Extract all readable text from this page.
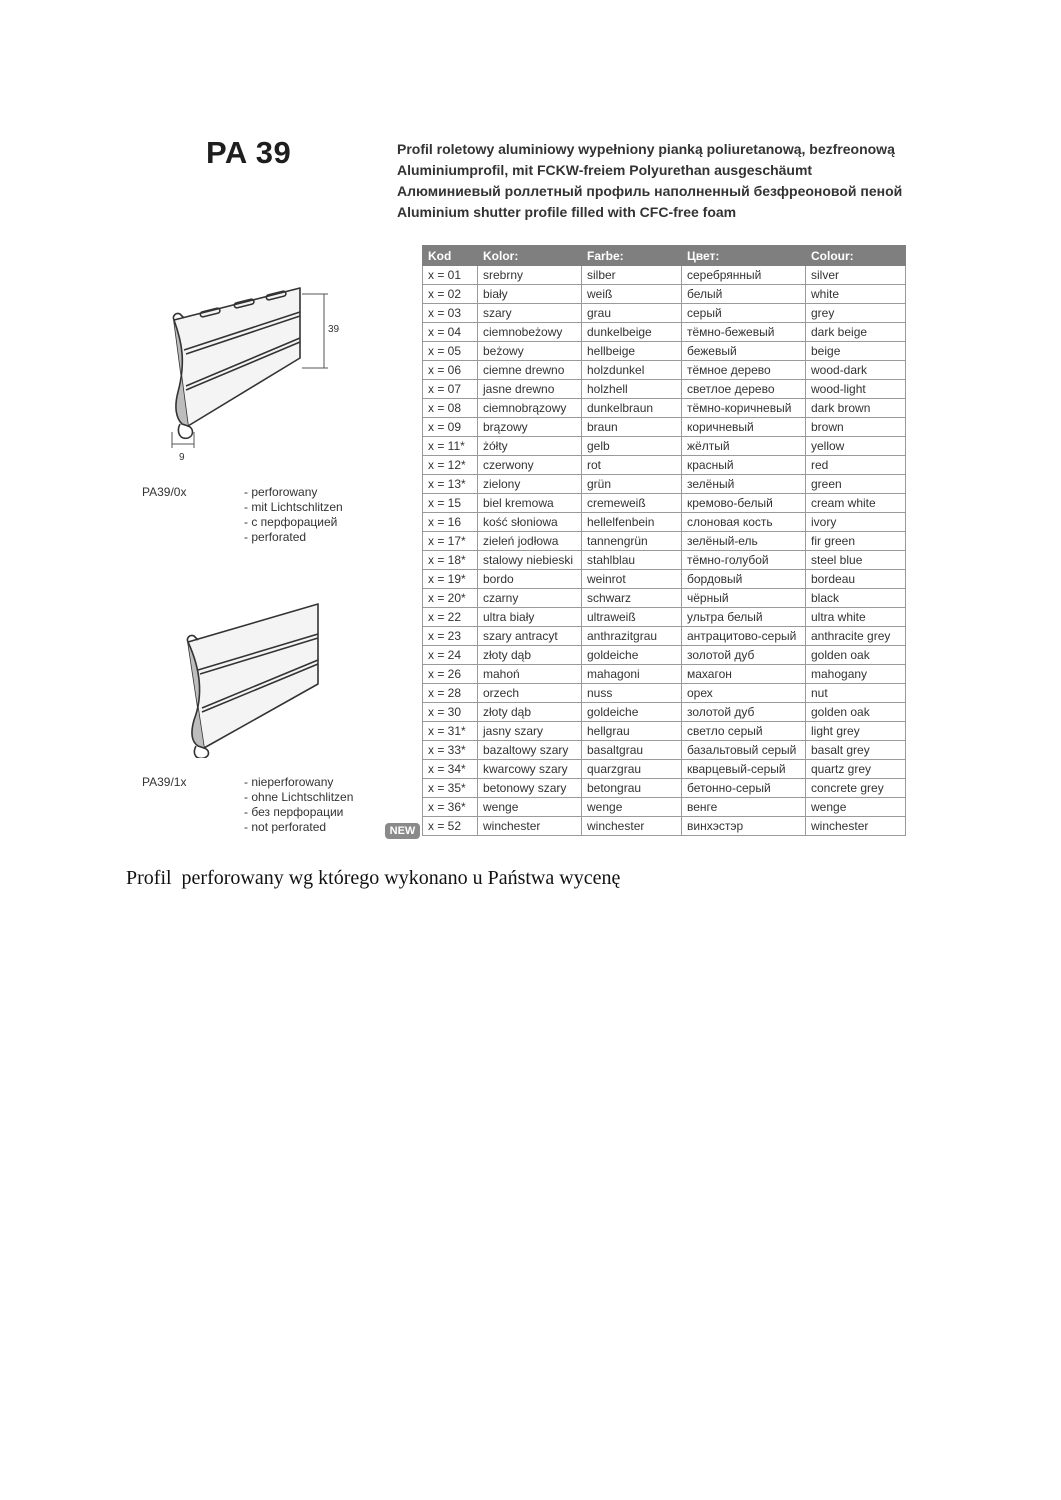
PA 39	Profil roletowy aluminiowy wypełniony pianką poliuretanową, bezfreonową
Aluminiumprofil, mit FCKW-freiem Polyurethan ausgeschäumt
Алюминиевый роллетный профиль наполненный безфреоновой пеной
Aluminium shutter profile filled with CFC-free foam
39
9
PA39/0x	- perforowany
- mit Lichtschlitzen
- с перфорацией
- perforated
PA39/1x	- nieperforowany
- ohne Lichtschlitzen
- без перфорации
- not perforated	NEW
Kod	Kolor:	Farbe:	Цвет:	Colour:
x = 01	srebrny	silber	серебрянный	silver
x = 02	biały	weiß	белый	white
x = 03	szary	grau	серый	grey
x = 04	ciemnobeżowy	dunkelbeige	тёмно-бежевый	dark beige
x = 05	beżowy	hellbeige	бежевый	beige
x = 06	ciemne drewno	holzdunkel	тёмное дерево	wood-dark
x = 07	jasne drewno	holzhell	светлое дерево	wood-light
x = 08	ciemnobrązowy	dunkelbraun	тёмно-коричневый	dark brown
x = 09	brązowy	braun	коричневый	brown
x = 11*	żółty	gelb	жёлтый	yellow
x = 12*	czerwony	rot	красный	red
x = 13*	zielony	grün	зелёный	green
x = 15	biel kremowa	cremeweiß	кремово-белый	cream white
x = 16	kość słoniowa	hellelfenbein	слоновая кость	ivory
x = 17*	zieleń jodłowa	tannengrün	зелёный-ель	fir green
x = 18*	stalowy niebieski	stahlblau	тёмно-голубой	steel blue
x = 19*	bordo	weinrot	бордовый	bordeau
x = 20*	czarny	schwarz	чёрный	black
x = 22	ultra biały	ultraweiß	ультра белый	ultra white
x = 23	szary antracyt	anthrazitgrau	антрацитово-серый	anthracite grey
x = 24	złoty dąb	goldeiche	золотой дуб	golden oak
x = 26	mahoń	mahagoni	махагон	mahogany
x = 28	orzech	nuss	орех	nut
x = 30	złoty dąb	goldeiche	золотой дуб	golden oak
x = 31*	jasny szary	hellgrau	светло серый	light grey
x = 33*	bazaltowy szary	basaltgrau	базальтовый серый	basalt grey
x = 34*	kwarcowy szary	quarzgrau	кварцевый-серый	quartz grey
x = 35*	betonowy szary	betongrau	бетонно-серый	concrete grey
x = 36*	wenge	wenge	венге	wenge
x = 52	winchester	winchester	винхэстэр	winchester
Profil  perforowany wg którego wykonano u Państwa wycenę
